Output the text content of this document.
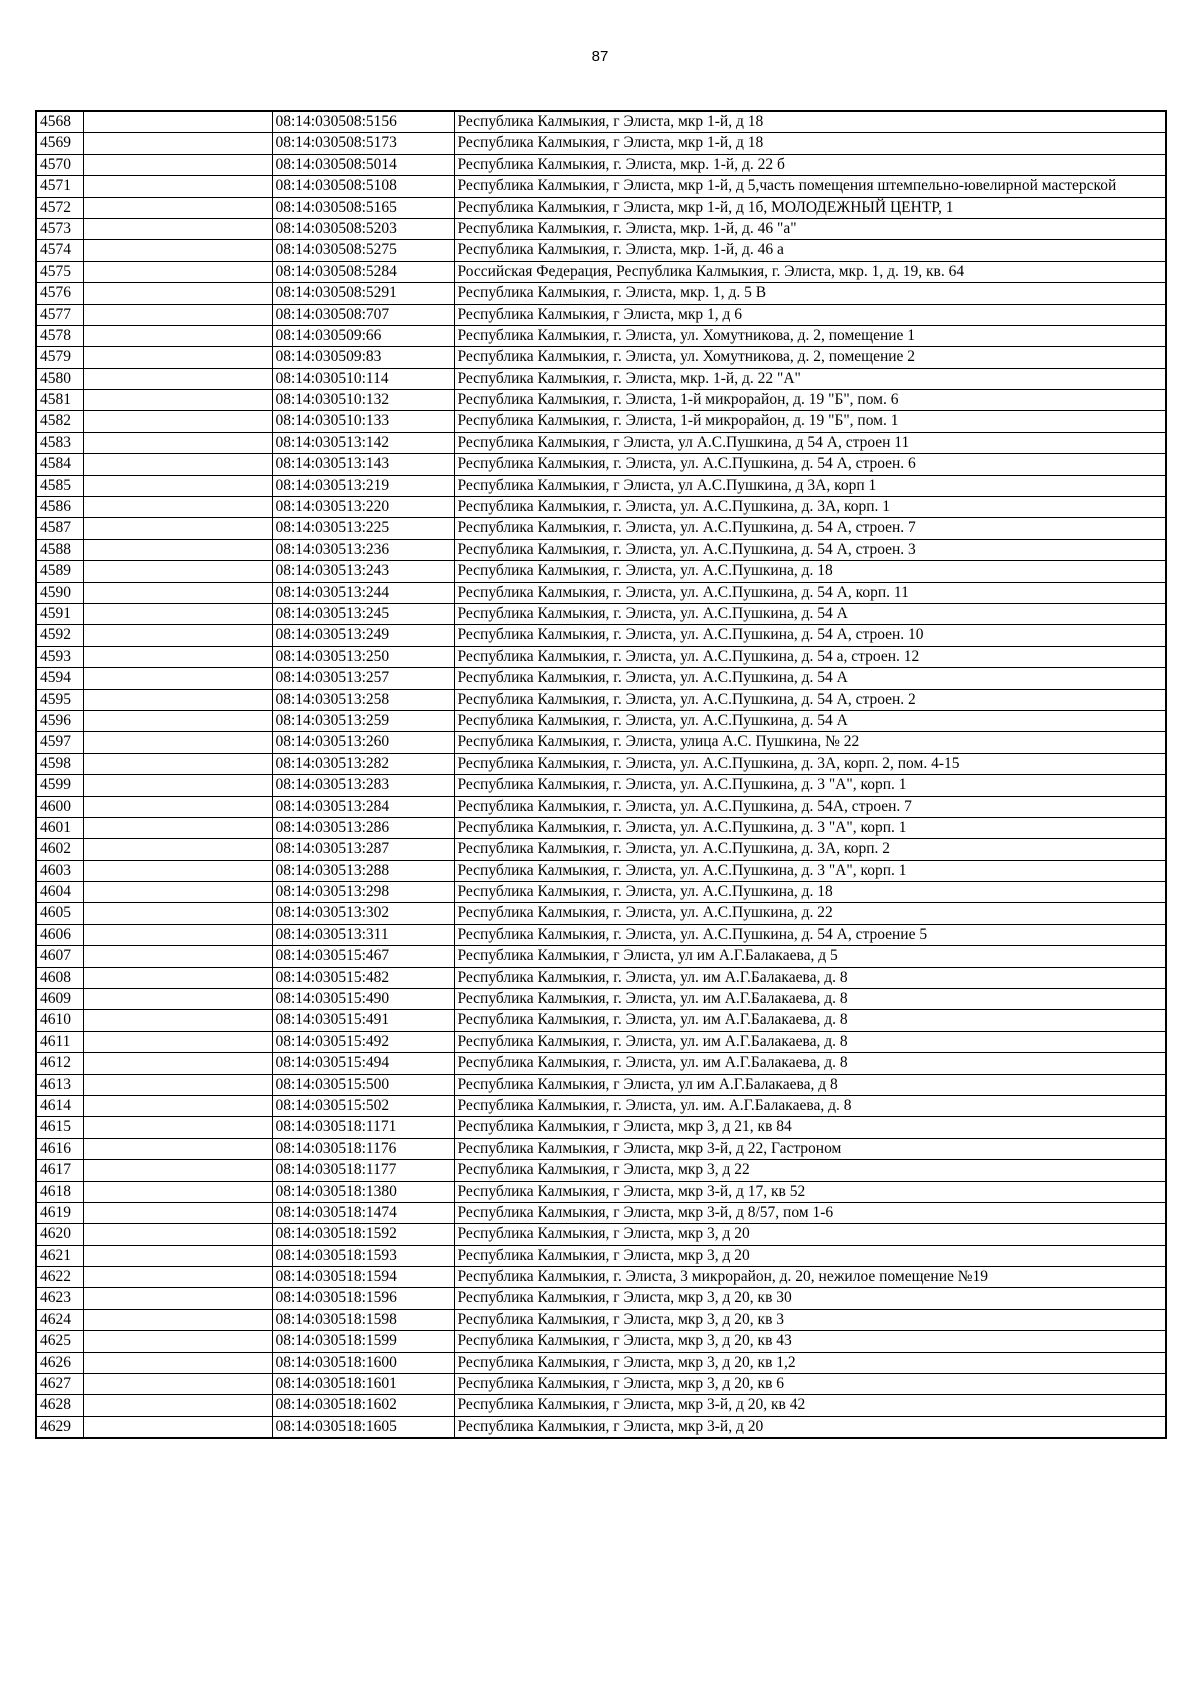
87
4568		08:14:030508:5156	Республика Калмыкия, г Элиста, мкр 1-й, д 18
4569		08:14:030508:5173	Республика Калмыкия, г Элиста, мкр 1-й, д 18
4570		08:14:030508:5014	Республика Калмыкия, г. Элиста, мкр. 1-й, д. 22 б
4571		08:14:030508:5108	Республика Калмыкия, г Элиста, мкр 1-й, д 5,часть помещения штемпельно-ювелирной мастерской
4572		08:14:030508:5165	Республика Калмыкия, г Элиста, мкр 1-й, д 1б, МОЛОДЕЖНЫЙ ЦЕНТР, 1
4573		08:14:030508:5203	Республика Калмыкия, г. Элиста, мкр. 1-й, д. 46 "а"
4574		08:14:030508:5275	Республика Калмыкия, г. Элиста, мкр. 1-й, д. 46 а
4575		08:14:030508:5284	Российская Федерация, Республика Калмыкия, г. Элиста, мкр. 1, д. 19, кв. 64
4576		08:14:030508:5291	Республика Калмыкия, г. Элиста, мкр. 1, д. 5 В
4577		08:14:030508:707	Республика Калмыкия, г Элиста, мкр 1, д 6
4578		08:14:030509:66	Республика Калмыкия, г. Элиста, ул. Хомутникова, д. 2, помещение 1
4579		08:14:030509:83	Республика Калмыкия, г. Элиста, ул. Хомутникова, д. 2, помещение 2
4580		08:14:030510:114	Республика Калмыкия, г. Элиста, мкр. 1-й, д. 22 "А"
4581		08:14:030510:132	Республика Калмыкия, г. Элиста, 1-й микрорайон, д. 19 "Б", пом. 6
4582		08:14:030510:133	Республика Калмыкия, г. Элиста, 1-й микрорайон, д. 19 "Б", пом. 1
4583		08:14:030513:142	Республика Калмыкия, г Элиста, ул А.С.Пушкина, д 54 А, строен 11
4584		08:14:030513:143	Республика Калмыкия, г. Элиста, ул. А.С.Пушкина, д. 54 А, строен. 6
4585		08:14:030513:219	Республика Калмыкия, г Элиста, ул А.С.Пушкина, д 3А, корп 1
4586		08:14:030513:220	Республика Калмыкия, г. Элиста, ул. А.С.Пушкина, д. 3А, корп. 1
4587		08:14:030513:225	Республика Калмыкия, г. Элиста, ул. А.С.Пушкина, д. 54 А, строен. 7
4588		08:14:030513:236	Республика Калмыкия, г. Элиста, ул. А.С.Пушкина, д. 54 А, строен. 3
4589		08:14:030513:243	Республика Калмыкия, г. Элиста, ул. А.С.Пушкина, д. 18
4590		08:14:030513:244	Республика Калмыкия, г. Элиста, ул. А.С.Пушкина, д. 54 А, корп. 11
4591		08:14:030513:245	Республика Калмыкия, г. Элиста, ул. А.С.Пушкина, д. 54 А
4592		08:14:030513:249	Республика Калмыкия, г. Элиста, ул. А.С.Пушкина, д. 54 А, строен. 10
4593		08:14:030513:250	Республика Калмыкия, г. Элиста, ул. А.С.Пушкина, д. 54 а, строен. 12
4594		08:14:030513:257	Республика Калмыкия, г. Элиста, ул. А.С.Пушкина, д. 54 А
4595		08:14:030513:258	Республика Калмыкия, г. Элиста, ул. А.С.Пушкина, д. 54 А, строен. 2
4596		08:14:030513:259	Республика Калмыкия, г. Элиста, ул. А.С.Пушкина, д. 54 А
4597		08:14:030513:260	Республика Калмыкия, г. Элиста, улица А.С. Пушкина, № 22
4598		08:14:030513:282	Республика Калмыкия, г. Элиста, ул. А.С.Пушкина, д. 3А, корп. 2, пом. 4-15
4599		08:14:030513:283	Республика Калмыкия, г. Элиста, ул. А.С.Пушкина, д. 3 "А", корп. 1
4600		08:14:030513:284	Республика Калмыкия, г. Элиста, ул. А.С.Пушкина, д. 54А, строен. 7
4601		08:14:030513:286	Республика Калмыкия, г. Элиста, ул. А.С.Пушкина, д. 3 "А", корп. 1
4602		08:14:030513:287	Республика Калмыкия, г. Элиста, ул. А.С.Пушкина, д. 3А, корп. 2
4603		08:14:030513:288	Республика Калмыкия, г. Элиста, ул. А.С.Пушкина, д. 3 "А", корп. 1
4604		08:14:030513:298	Республика Калмыкия, г. Элиста, ул. А.С.Пушкина, д. 18
4605		08:14:030513:302	Республика Калмыкия, г. Элиста, ул. А.С.Пушкина, д. 22
4606		08:14:030513:311	Республика Калмыкия, г. Элиста, ул. А.С.Пушкина, д. 54 А, строение 5
4607		08:14:030515:467	Республика Калмыкия, г Элиста, ул им А.Г.Балакаева, д 5
4608		08:14:030515:482	Республика Калмыкия, г. Элиста, ул. им А.Г.Балакаева, д. 8
4609		08:14:030515:490	Республика Калмыкия, г. Элиста, ул. им А.Г.Балакаева, д. 8
4610		08:14:030515:491	Республика Калмыкия, г. Элиста, ул. им А.Г.Балакаева, д. 8
4611		08:14:030515:492	Республика Калмыкия, г. Элиста, ул. им А.Г.Балакаева, д. 8
4612		08:14:030515:494	Республика Калмыкия, г. Элиста, ул. им А.Г.Балакаева, д. 8
4613		08:14:030515:500	Республика Калмыкия, г Элиста, ул им А.Г.Балакаева, д 8
4614		08:14:030515:502	Республика Калмыкия, г. Элиста, ул. им. А.Г.Балакаева, д. 8
4615		08:14:030518:1171	Республика Калмыкия, г Элиста, мкр 3, д 21, кв 84
4616		08:14:030518:1176	Республика Калмыкия, г Элиста, мкр 3-й, д 22, Гастроном
4617		08:14:030518:1177	Республика Калмыкия, г Элиста, мкр 3, д 22
4618		08:14:030518:1380	Республика Калмыкия, г Элиста, мкр 3-й, д 17, кв 52
4619		08:14:030518:1474	Республика Калмыкия, г Элиста, мкр 3-й, д 8/57, пом 1-6
4620		08:14:030518:1592	Республика Калмыкия, г Элиста, мкр 3, д 20
4621		08:14:030518:1593	Республика Калмыкия, г Элиста, мкр 3, д 20
4622		08:14:030518:1594	Республика Калмыкия, г. Элиста, 3 микрорайон, д. 20, нежилое помещение №19
4623		08:14:030518:1596	Республика Калмыкия, г Элиста, мкр 3, д 20, кв 30
4624		08:14:030518:1598	Республика Калмыкия, г Элиста, мкр 3, д 20, кв 3
4625		08:14:030518:1599	Республика Калмыкия, г Элиста, мкр 3, д 20, кв 43
4626		08:14:030518:1600	Республика Калмыкия, г Элиста, мкр 3, д 20, кв 1,2
4627		08:14:030518:1601	Республика Калмыкия, г Элиста, мкр 3, д 20, кв 6
4628		08:14:030518:1602	Республика Калмыкия, г Элиста, мкр 3-й, д 20, кв 42
4629		08:14:030518:1605	Республика Калмыкия, г Элиста, мкр 3-й, д 20
